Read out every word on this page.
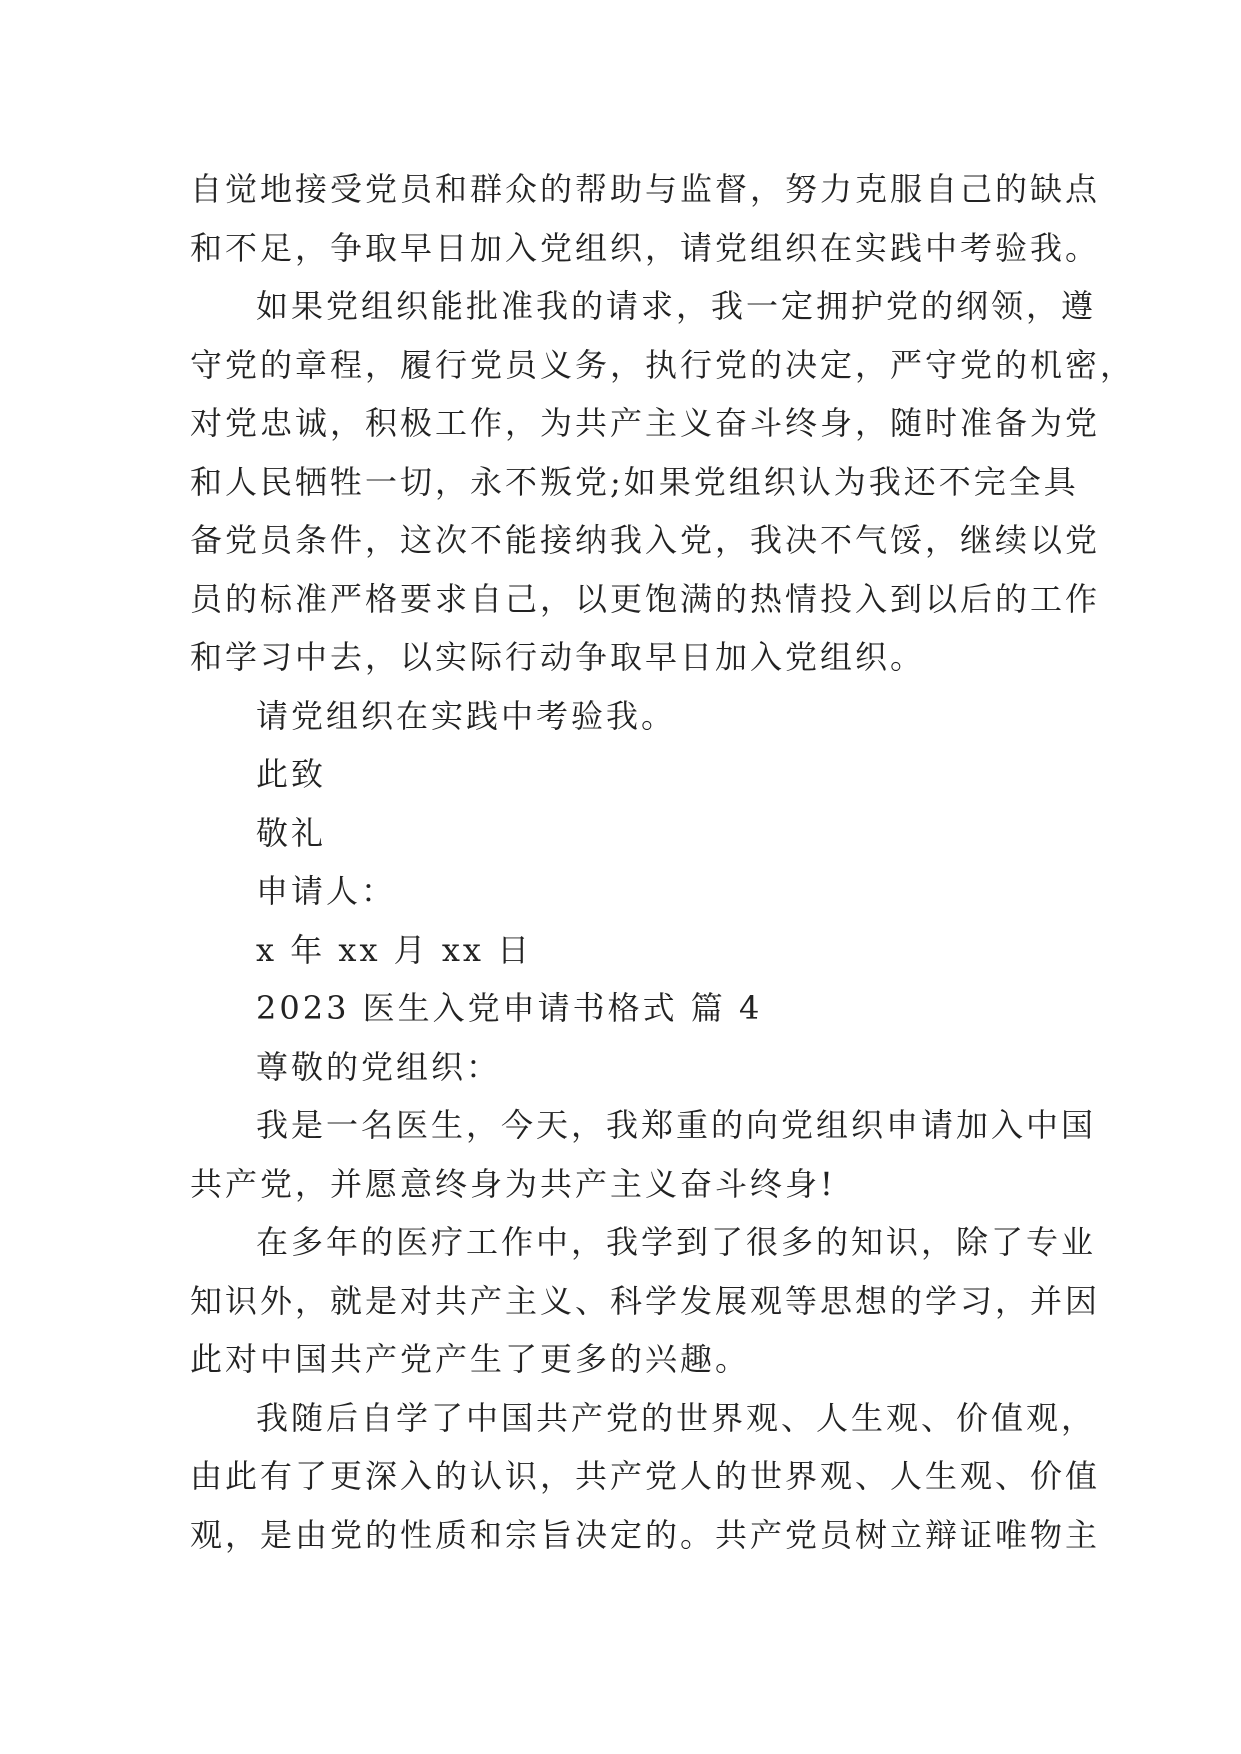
自觉地接受党员和群众的帮助与监督，努力克服自己的缺点
和不足，争取早日加入党组织，请党组织在实践中考验我。
如果党组织能批准我的请求，我一定拥护党的纲领，遵
守党的章程，履行党员义务，执行党的决定，严守党的机密，
对党忠诚，积极工作，为共产主义奋斗终身，随时准备为党
和人民牺牲一切，永不叛党;如果党组织认为我还不完全具
备党员条件，这次不能接纳我入党，我决不气馁，继续以党
员的标准严格要求自己，以更饱满的热情投入到以后的工作
和学习中去，以实际行动争取早日加入党组织。
请党组织在实践中考验我。
此致
敬礼
申请人：
x 年 xx 月 xx 日
2023 医生入党申请书格式 篇 4
尊敬的党组织：
我是一名医生，今天，我郑重的向党组织申请加入中国
共产党，并愿意终身为共产主义奋斗终身!
在多年的医疗工作中，我学到了很多的知识，除了专业
知识外，就是对共产主义、科学发展观等思想的学习，并因
此对中国共产党产生了更多的兴趣。
我随后自学了中国共产党的世界观、人生观、价值观，
由此有了更深入的认识，共产党人的世界观、人生观、价值
观，是由党的性质和宗旨决定的。共产党员树立辩证唯物主
